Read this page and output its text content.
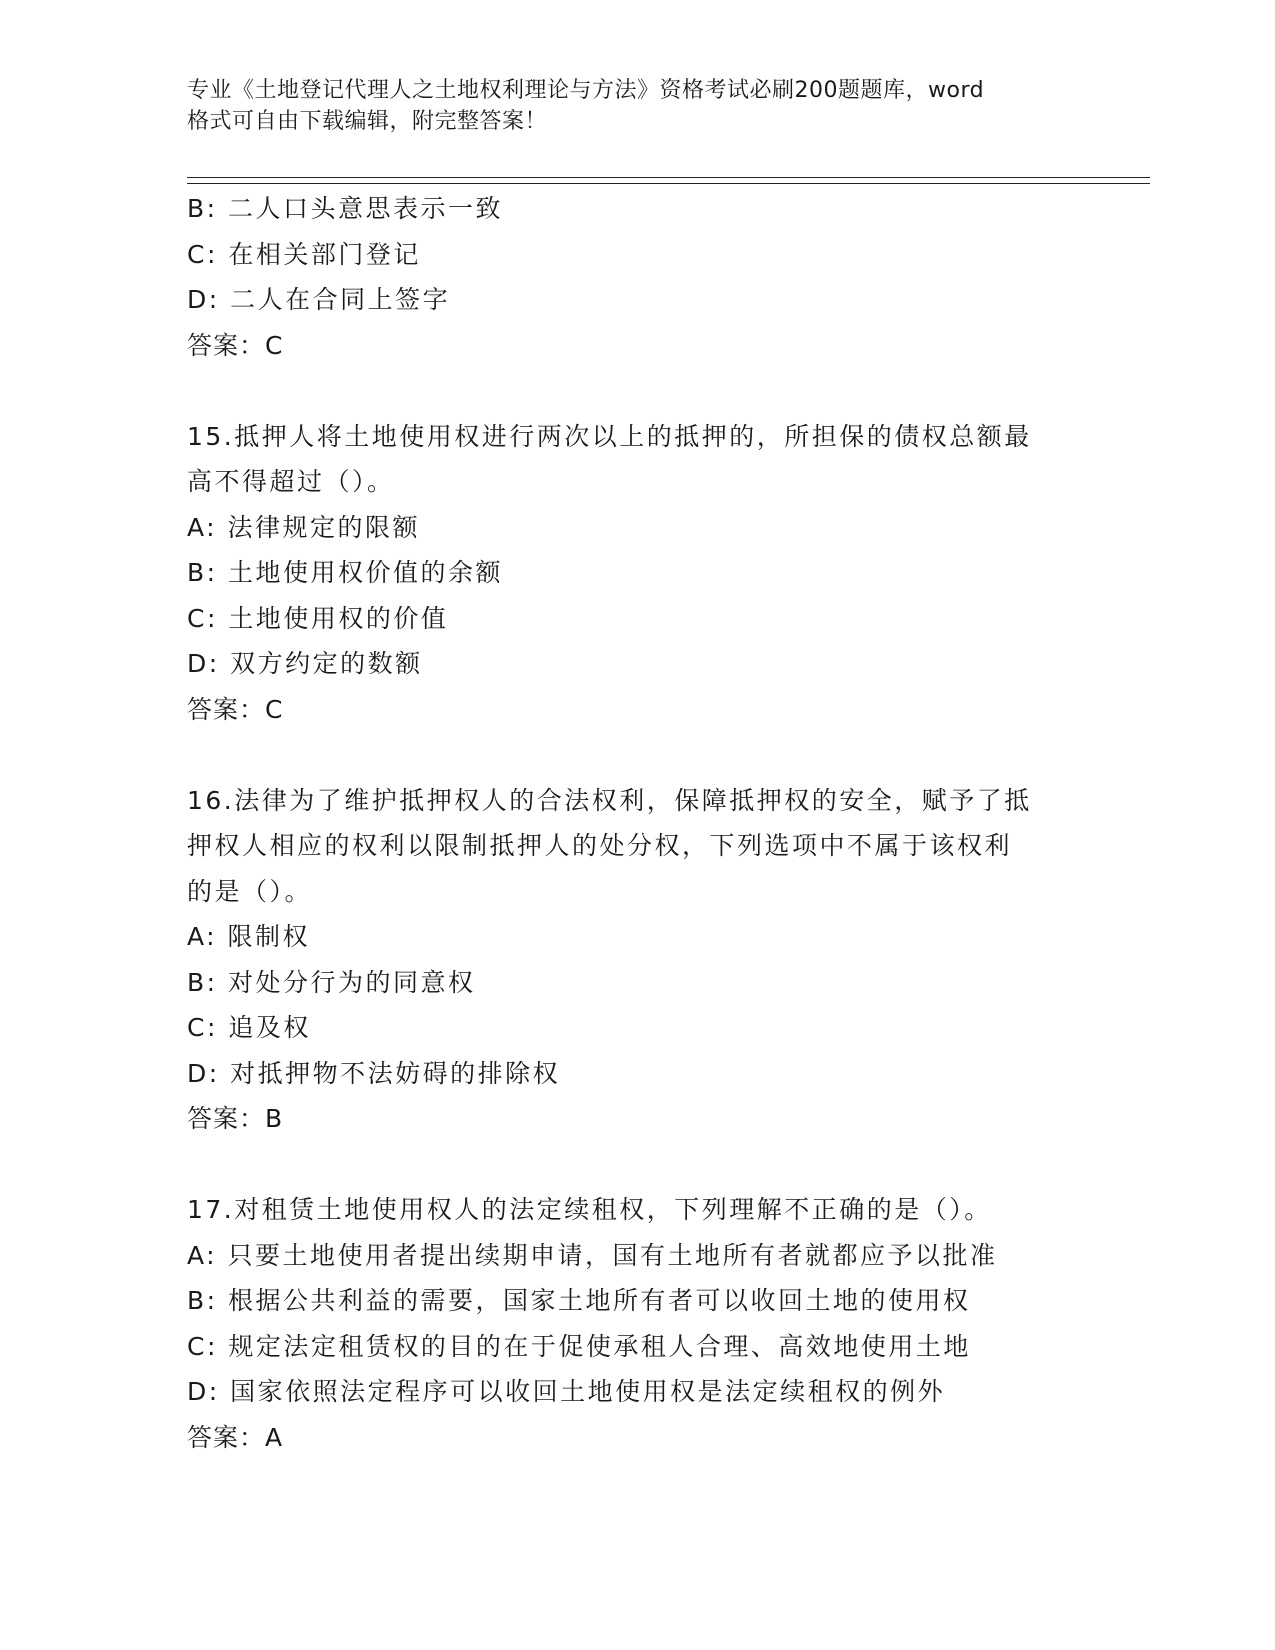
专业《土地登记代理人之土地权利理论与方法》资格考试必刷200题题库，word
格式可自由下载编辑，附完整答案！
B: 二人口头意思表示一致
C: 在相关部门登记
D: 二人在合同上签字
答案：C
15.抵押人将土地使用权进行两次以上的抵押的，所担保的债权总额最
高不得超过（）。
A: 法律规定的限额
B: 土地使用权价值的余额
C: 土地使用权的价值
D: 双方约定的数额
答案：C
16.法律为了维护抵押权人的合法权利，保障抵押权的安全，赋予了抵
押权人相应的权利以限制抵押人的处分权，下列选项中不属于该权利
的是（）。
A: 限制权
B: 对处分行为的同意权
C: 追及权
D: 对抵押物不法妨碍的排除权
答案：B
17.对租赁土地使用权人的法定续租权，下列理解不正确的是（）。
A: 只要土地使用者提出续期申请，国有土地所有者就都应予以批准
B: 根据公共利益的需要，国家土地所有者可以收回土地的使用权
C: 规定法定租赁权的目的在于促使承租人合理、高效地使用土地
D: 国家依照法定程序可以收回土地使用权是法定续租权的例外
答案：A
